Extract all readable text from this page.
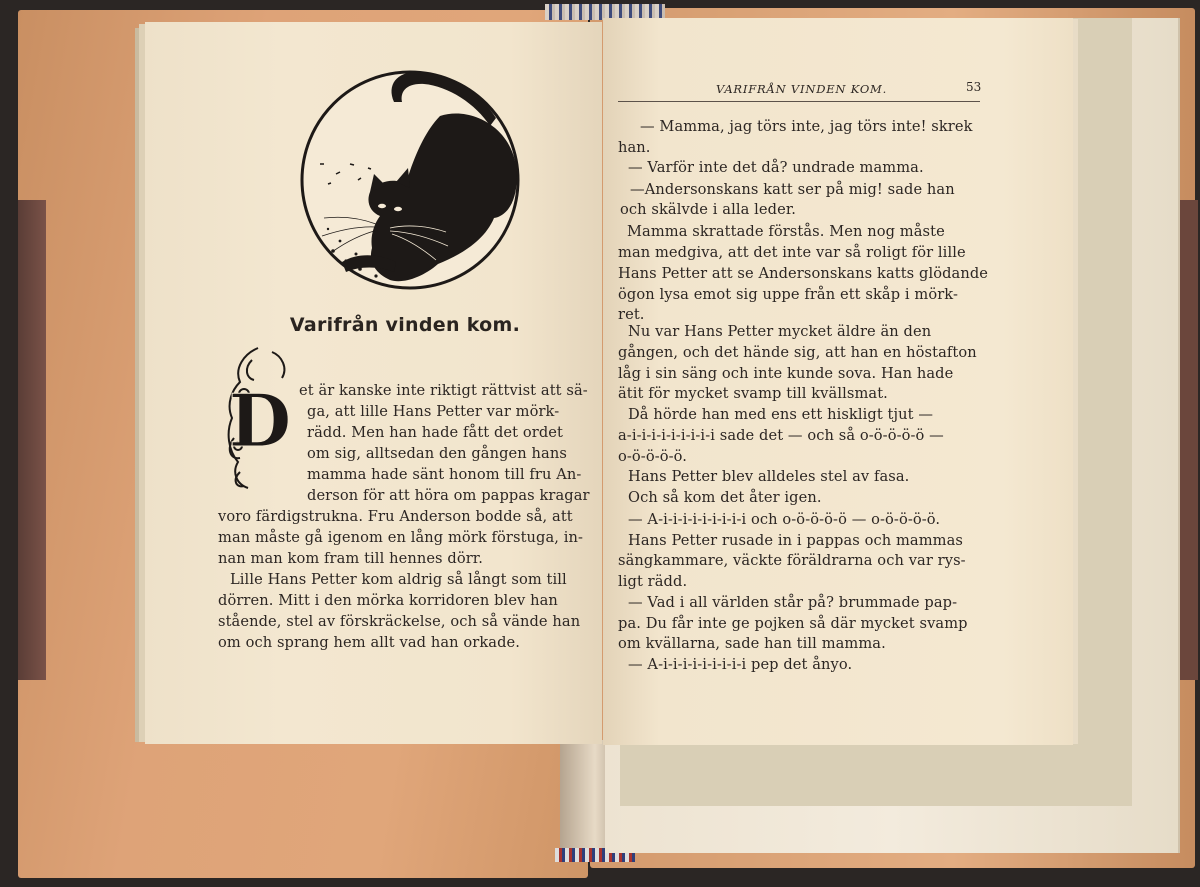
Varifrån vinden kom.
D et är kanske inte riktigt rättvist att sä-
ga, att lille Hans Petter var mörk-
rädd. Men han hade fått det ordet
om sig, alltsedan den gången hans
mamma hade sänt honom till fru An-
derson för att höra om pappas kragar
voro färdigstrukna. Fru Anderson bodde så, att
man måste gå igenom en lång mörk förstuga, in-
nan man kom fram till hennes dörr.
Lille Hans Petter kom aldrig så långt som till
dörren. Mitt i den mörka korridoren blev han
stående, stel av förskräckelse, och så vände han
om och sprang hem allt vad han orkade.
VARIFRÅN VINDEN KOM.	53
— Mamma, jag törs inte, jag törs inte! skrek
han.
— Varför inte det då? undrade mamma.
—Andersonskans katt ser på mig! sade han
och skälvde i alla leder.
Mamma skrattade förstås. Men nog måste
man medgiva, att det inte var så roligt för lille
Hans Petter att se Andersonskans katts glödande
ögon lysa emot sig uppe från ett skåp i mörk-
ret.
Nu var Hans Petter mycket äldre än den
gången, och det hände sig, att han en höstafton
låg i sin säng och inte kunde sova. Han hade
ätit för mycket svamp till kvällsmat.
Då hörde han med ens ett hiskligt tjut —
a-i-i-i-i-i-i-i-i-i sade det — och så o-ö-ö-ö-ö —
o-ö-ö-ö-ö.
Hans Petter blev alldeles stel av fasa.
Och så kom det åter igen.
— A-i-i-i-i-i-i-i-i-i och o-ö-ö-ö-ö — o-ö-ö-ö-ö.
Hans Petter rusade in i pappas och mammas
sängkammare, väckte föräldrarna och var rys-
ligt rädd.
— Vad i all världen står på? brummade pap-
pa. Du får inte ge pojken så där mycket svamp
om kvällarna, sade han till mamma.
— A-i-i-i-i-i-i-i-i-i pep det ånyo.
